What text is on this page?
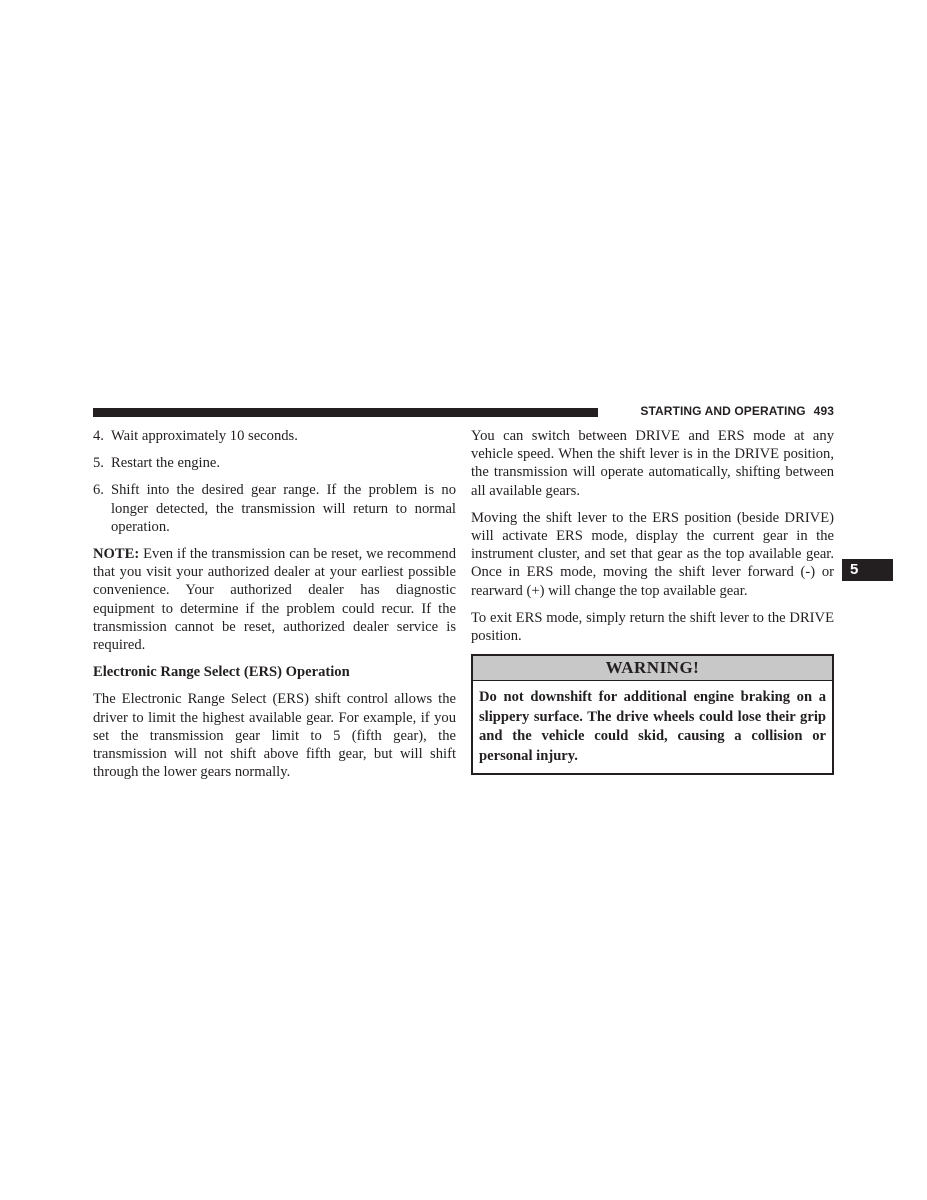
STARTING AND OPERATING 493
5
4. Wait approximately 10 seconds.
5. Restart the engine.
6. Shift into the desired gear range. If the problem is no longer detected, the transmission will return to normal operation.

NOTE: Even if the transmission can be reset, we recommend that you visit your authorized dealer at your earliest possible convenience. Your authorized dealer has diagnostic equipment to determine if the problem could recur. If the transmission cannot be reset, authorized dealer service is required.

Electronic Range Select (ERS) Operation

The Electronic Range Select (ERS) shift control allows the driver to limit the highest available gear. For example, if you set the transmission gear limit to 5 (fifth gear), the transmission will not shift above fifth gear, but will shift through the lower gears normally.

You can switch between DRIVE and ERS mode at any vehicle speed. When the shift lever is in the DRIVE position, the transmission will operate automatically, shifting between all available gears.

Moving the shift lever to the ERS position (beside DRIVE) will activate ERS mode, display the current gear in the instrument cluster, and set that gear as the top available gear. Once in ERS mode, moving the shift lever forward (-) or rearward (+) will change the top available gear.

To exit ERS mode, simply return the shift lever to the DRIVE position.

WARNING!
Do not downshift for additional engine braking on a slippery surface. The drive wheels could lose their grip and the vehicle could skid, causing a collision or personal injury.
